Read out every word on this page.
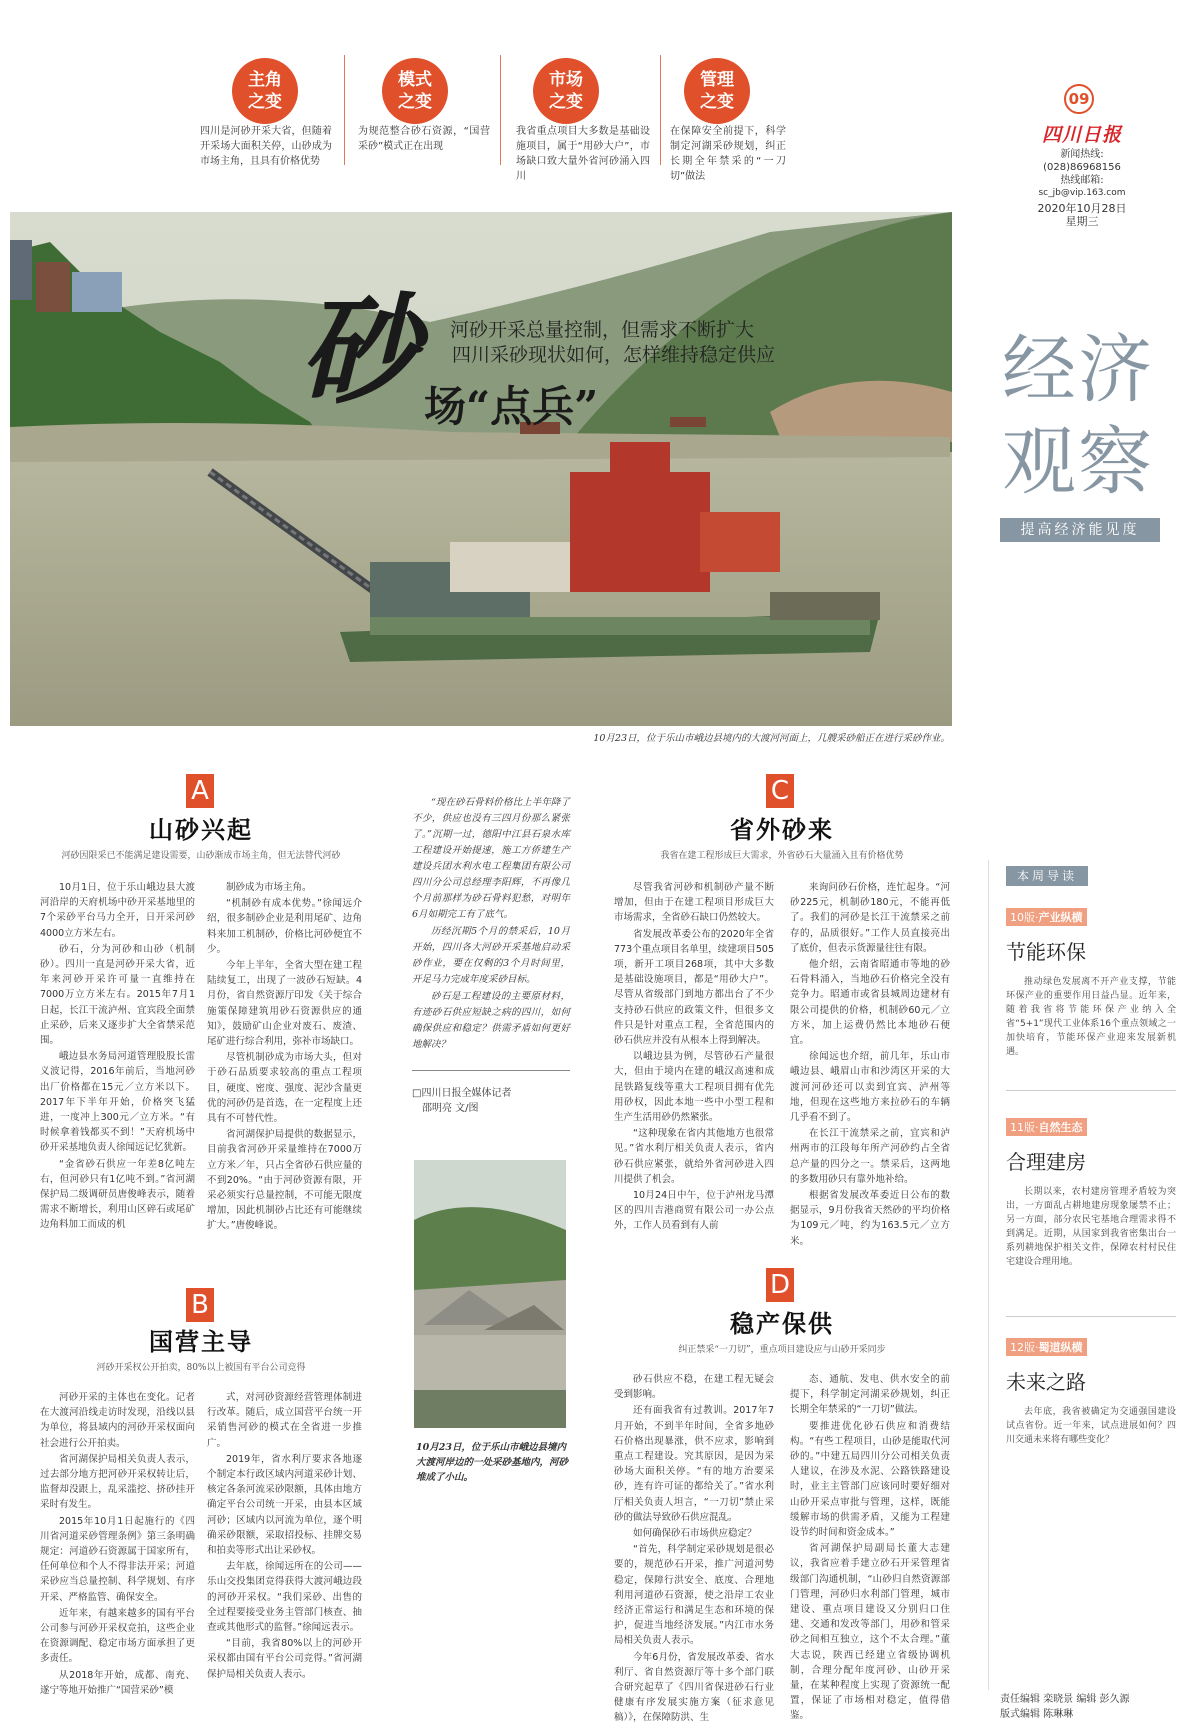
主角
之变
四川是河砂开采大省，但随着开采场大面积关停，山砂成为市场主角，且具有价格优势
模式
之变
为规范整合砂石资源，“国营采砂”模式正在出现
市场
之变
我省重点项目大多数是基础设施项目，属于“用砂大户”，市场缺口致大量外省河砂涌入四川
管理
之变
在保障安全前提下，科学制定河湖采砂规划，纠正长期全年禁采的“一刀切”做法
09
四川日报
新闻热线:
(028)86968156
热线邮箱:
sc_jb@vip.163.com
2020年10月28日
星期三
砂 场“点兵”
河砂开采总量控制，但需求不断扩大
四川采砂现状如何，怎样维持稳定供应
10月23日，位于乐山市峨边县境内的大渡河河面上，几艘采砂船正在进行采砂作业。
经济
观察
提高经济能见度
A
山砂兴起
河砂因限采已不能满足建设需要，山砂渐成市场主角，但无法替代河砂

10月1日，位于乐山峨边县大渡河沿岸的天府机场中砂开采基地里的7个采砂平台马力全开，日开采河砂4000立方米左右。

砂石，分为河砂和山砂（机制砂）。四川一直是河砂开采大省，近年来河砂开采许可量一直维持在7000万立方米左右。2015年7月1日起，长江干流泸州、宜宾段全面禁止采砂，后来又逐步扩大全省禁采范围。

峨边县水务局河道管理股股长雷义波记得，2016年前后，当地河砂出厂价格都在15元／立方米以下。2017年下半年开始，价格突飞猛进，一度冲上300元／立方米。“有时候拿着钱都买不到！”天府机场中砂开采基地负责人徐闻远记忆犹新。

“金省砂石供应一年差8亿吨左右，但河砂只有1亿吨不到。”省河湖保护局二级调研员唐俊峰表示，随着需求不断增长，利用山区碎石或尾矿边角料加工而成的机

制砂成为市场主角。

“机制砂有成本优势。”徐闻远介绍，很多制砂企业是利用尾矿、边角料来加工机制砂，价格比河砂便宜不少。

今年上半年，全省大型在建工程陆续复工，出现了一波砂石短缺。4月份，省自然资源厅印发《关于综合施策保障建筑用砂石资源供应的通知》，鼓励矿山企业对废石、废渣、尾矿进行综合利用，弥补市场缺口。

尽管机制砂成为市场大头，但对于砂石品质要求较高的重点工程项目，硬度、密度、强度、泥沙含量更优的河砂仍是首选，在一定程度上还具有不可替代性。

省河湖保护局提供的数据显示，目前我省河砂开采量维持在7000万立方米／年，只占全省砂石供应量的不到20%。“由于河砂资源有限，开采必须实行总量控制，不可能无限度增加，因此机制砂占比还有可能继续扩大。”唐俊峰说。

“现在砂石骨料价格比上半年降了不少，供应也没有三四月份那么紧张了。”沉期一过，德阳中江县石泉水库工程建设开始提速，施工方侨建生产建设兵团水利水电工程集团有限公司四川分公司总经理李阳辉，不再像几个月前那样为砂石骨料犯愁，对明年6月如期完工有了底气。

历经沉期5个月的禁采后，10月开始，四川各大河砂开采基地启动采砂作业，要在仅剩的3个月时间里，开足马力完成年度采砂目标。

砂石是工程建设的主要原材料，有迹砂石供应短缺之病的四川，如何确保供应和稳定？供需矛盾如何更好地解决？

□四川日报全媒体记者
邵明亮 文/图
10月23日，位于乐山市峨边县境内大渡河岸边的一处采砂基地内，河砂堆成了小山。
B
国营主导
河砂开采权公开拍卖，80%以上被国有平台公司竞得

河砂开采的主体也在变化。记者在大渡河沿线走访时发现，沿线以县为单位，将县域内的河砂开采权面向社会进行公开拍卖。

省河湖保护局相关负责人表示，过去部分地方把河砂开采权转让后，监督却没跟上，乱采滥挖、挤砂挂开采时有发生。

2015年10月1日起施行的《四川省河道采砂管理条例》第三条明确规定：河道砂石资源属于国家所有，任何单位和个人不得非法开采；河道采砂应当总量控制、科学规划、有序开采、严格监管、确保安全。

近年来，有越来越多的国有平台公司参与河砂开采权竞拍，这些企业在资源调配、稳定市场方面承担了更多责任。

从2018年开始，成都、南充、遂宁等地开始推广“国营采砂”模

式，对河砂资源经营管理体制进行改革。随后，成立国营平台统一开采销售河砂的模式在全省进一步推广。

2019年，省水利厅要求各地逐个制定本行政区域内河道采砂计划、核定各条河流采砂限额，具体由地方确定平台公司统一开采，由县本区域河砂；区域内以河流为单位，逐个明确采砂限额，采取招投标、挂牌交易和拍卖等形式出让采砂权。

去年底，徐闻远所在的公司——乐山交投集团竞得获得大渡河峨边段的河砂开采权。“我们采砂、出售的全过程要接受业务主管部门核查、抽查或其他形式的监督。”徐闻远表示。

“目前，我省80%以上的河砂开采权都由国有平台公司竞得。”省河湖保护局相关负责人表示。

C
省外砂来
我省在建工程形成巨大需求，外省砂石大量涌入且有价格优势

尽管我省河砂和机制砂产量不断增加，但由于在建工程项目形成巨大市场需求，全省砂石缺口仍然较大。

省发展改革委公布的2020年全省773个重点项目名单里，续建项目505项，新开工项目268项，其中大多数是基础设施项目，都是“用砂大户”。尽管从省级部门到地方都出台了不少支持砂石供应的政策文件，但很多文件只是针对重点工程，全省范围内的砂石供应并没有从根本上得到解决。

以峨边县为例，尽管砂石产量很大，但由于境内在建的峨汉高速和成昆铁路复线等重大工程项目拥有优先用砂权，因此本地一些中小型工程和生产生活用砂仍然紧张。

“这种现象在省内其他地方也很常见。”省水利厅相关负责人表示，省内砂石供应紧张，就给外省河砂进入四川提供了机会。

10月24日中午，位于泸州龙马潭区的四川吉港商贸有限公司一办公点外，工作人员看到有人前

来询问砂石价格，连忙起身。“河砂225元，机制砂180元，不能再低了。我们的河砂是长江干流禁采之前存的，品质很好。”工作人员直接亮出了底价，但表示货源量往往有限。

他介绍，云南省昭通市等地的砂石骨料涌入，当地砂石价格完全没有竞争力。昭通市或省县城周边建材有限公司提供的价格，机制砂60元／立方米，加上运费仍然比本地砂石便宜。

徐闻远也介绍，前几年，乐山市峨边县、峨眉山市和沙湾区开采的大渡河河砂还可以卖到宜宾、泸州等地，但现在这些地方来拉砂石的车辆几乎看不到了。

在长江干流禁采之前，宜宾和泸州两市的江段每年所产河砂约占全省总产量的四分之一。禁采后，这两地的多数用砂只有靠外地补给。

根据省发展改革委近日公布的数据显示，9月份我省天然砂的平均价格为109元／吨，约为163.5元／立方米。

D
稳产保供
纠正禁采“一刀切”，重点项目建设应与山砂开采同步

砂石供应不稳，在建工程无疑会受到影响。

还有面我省有过教训。2017年7月开始，不到半年时间，全省多地砂石价格出现暴涨，供不应求，影响到重点工程建设。究其原因，是因为采砂场大面积关停。“有的地方治要采砂，连有许可证的都给关了。”省水利厅相关负责人坦言，“一刀切”禁止采砂的做法导致砂石供应混乱。

如何确保砂石市场供应稳定？

“首先，科学制定采砂规划是很必要的，规范砂石开采，推广河道河势稳定，保障行洪安全、底度、合理地利用河道砂石资源，使之沿岸工农业经济正常运行和满足生态和环境的保护，促进当地经济发展。”内江市水务局相关负责人表示。

今年6月份，省发展改革委、省水利厅、省自然资源厅等十多个部门联合研究起草了《四川省保进砂石行业健康有序发展实施方案（征求意见稿）》，在保障防洪、生

态、通航、发电、供水安全的前提下，科学制定河湖采砂规划，纠正长期全年禁采的“一刀切”做法。

要推进优化砂石供应和消费结构。“有些工程项目，山砂是能取代河砂的。”中建五局四川分公司相关负责人建议，在涉及水泥、公路铁路建设时，业主主管部门应该同时要好细对山砂开采点审批与管理，这样，既能缓解市场的供需矛盾，又能为工程建设节约时间和资金成本。”

省河湖保护局副局长董大志建议，我省应着手建立砂石开采管理省级部门沟通机制，“山砂归自然资源部门管理，河砂归水利部门管理，城市建设、重点项目建设又分别归口住建、交通和发改等部门，用砂和管采砂之间相互独立，这个不太合理。”董大志说，陕西已经建立省级协调机制，合理分配年度河砂、山砂开采量，在某种程度上实现了资源统一配置，保证了市场相对稳定，值得借鉴。

本周导读
10版·产业纵横
节能环保
推动绿色发展离不开产业支撑，节能环保产业的重要作用日益凸显。近年来，随着我省将节能环保产业纳入全省“5+1”现代工业体系16个重点领域之一加快培育，节能环保产业迎来发展新机遇。
11版·自然生态
合理建房
长期以来，农村建房管理矛盾较为突出，一方面乱占耕地建房现象屡禁不止；另一方面，部分农民宅基地合理需求得不到满足。近期，从国家到我省密集出台一系列耕地保护相关文件，保障农村村民住宅建设合理用地。
12版·蜀道纵横
未来之路
去年底，我省被确定为交通强国建设试点省份。近一年来，试点进展如何？四川交通未来将有哪些变化？
责任编辑 栾晓景 编辑 彭久源
版式编辑 陈琳琳
